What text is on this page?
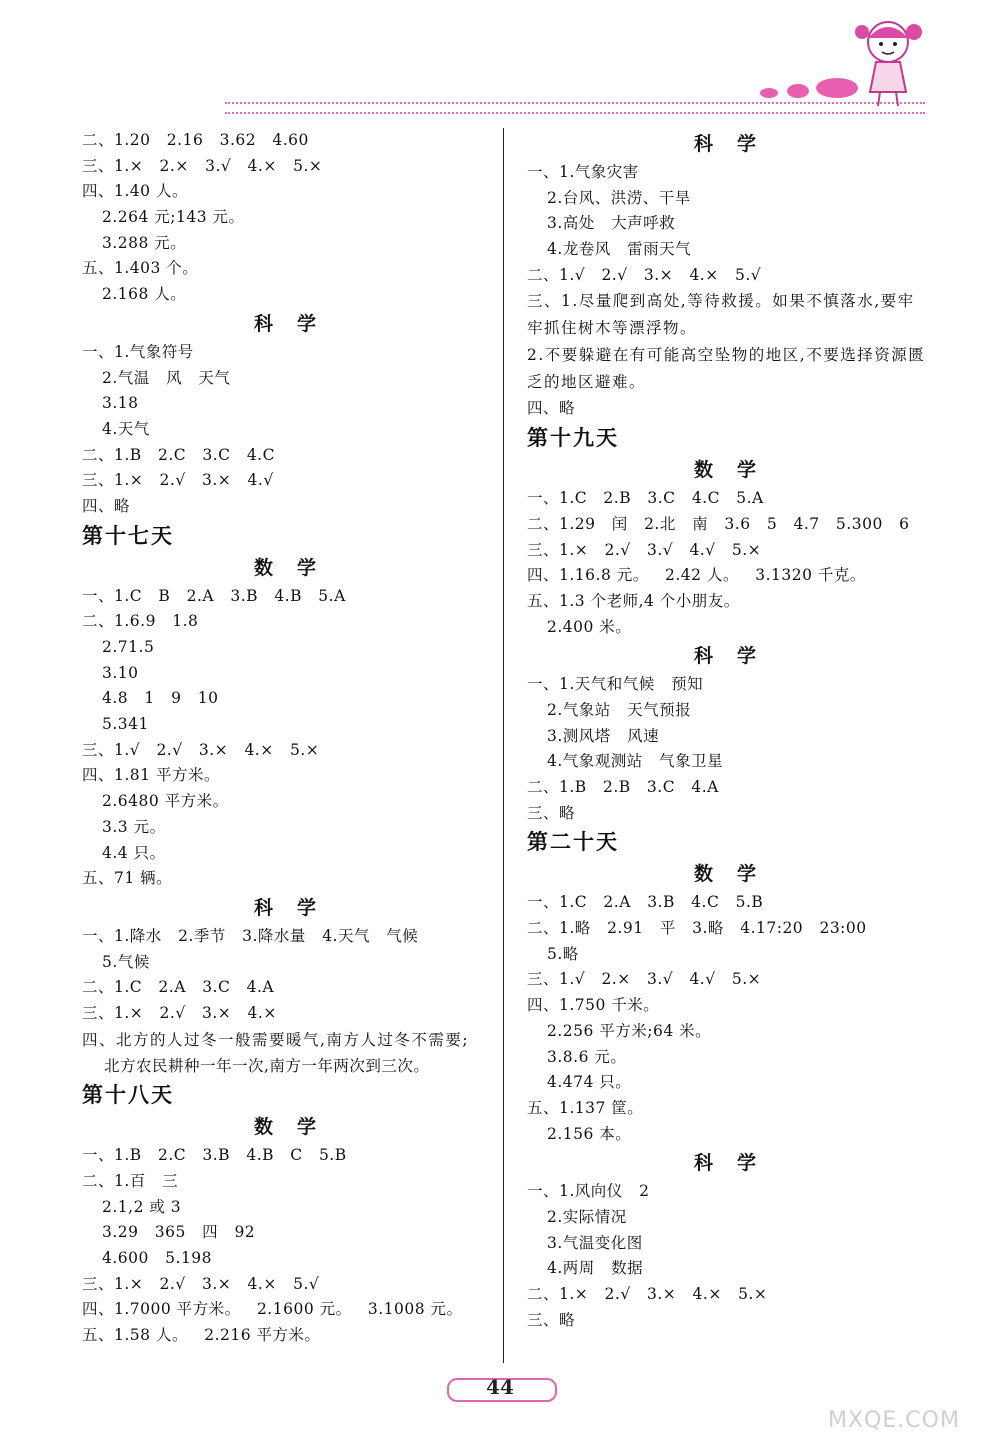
二、1.20   2.16   3.62   4.60
三、1.×   2.×   3.√   4.×   5.×
四、1.40 人。
2.264 元;143 元。
3.288 元。
五、1.403 个。
2.168 人。
科学
一、1.气象符号
2.气温   风   天气
3.18
4.天气
二、1.B   2.C   3.C   4.C
三、1.×   2.√   3.×   4.√
四、略
第十七天
数学
一、1.C   B   2.A   3.B   4.B   5.A
二、1.6.9   1.8
2.71.5
3.10
4.8   1   9   10
5.341
三、1.√   2.√   3.×   4.×   5.×
四、1.81 平方米。
2.6480 平方米。
3.3 元。
4.4 只。
五、71 辆。
科学
一、1.降水   2.季节   3.降水量   4.天气   气候
5.气候
二、1.C   2.A   3.C   4.A
三、1.×   2.√   3.×   4.×
四、北方的人过冬一般需要暖气,南方人过冬不需要;
北方农民耕种一年一次,南方一年两次到三次。
第十八天
数学
一、1.B   2.C   3.B   4.B   C   5.B
二、1.百   三
2.1,2 或 3
3.29   365   四   92
4.600   5.198
三、1.×   2.√   3.×   4.×   5.√
四、1.7000 平方米。   2.1600 元。   3.1008 元。
五、1.58 人。   2.216 平方米。
科学
一、1.气象灾害
2.台风、洪涝、干旱
3.高处   大声呼救
4.龙卷风   雷雨天气
二、1.√   2.√   3.×   4.×   5.√
三、1.尽量爬到高处,等待救援。如果不慎落水,要牢牢抓住树木等漂浮物。
2.不要躲避在有可能高空坠物的地区,不要选择资源匮乏的地区避难。
四、略
第十九天
数学
一、1.C   2.B   3.C   4.C   5.A
二、1.29   闰   2.北   南   3.6   5   4.7   5.300   6
三、1.×   2.√   3.√   4.√   5.×
四、1.16.8 元。   2.42 人。   3.1320 千克。
五、1.3 个老师,4 个小朋友。
2.400 米。
科学
一、1.天气和气候   预知
2.气象站   天气预报
3.测风塔   风速
4.气象观测站   气象卫星
二、1.B   2.B   3.C   4.A
三、略
第二十天
数学
一、1.C   2.A   3.B   4.C   5.B
二、1.略   2.91   平   3.略   4.17:20   23:00
5.略
三、1.√   2.×   3.√   4.√   5.×
四、1.750 千米。
2.256 平方米;64 米。
3.8.6 元。
4.474 只。
五、1.137 筐。
2.156 本。
科学
一、1.风向仪   2
2.实际情况
3.气温变化图
4.两周   数据
二、1.×   2.√   3.×   4.×   5.×
三、略
44
MXQE.COM
